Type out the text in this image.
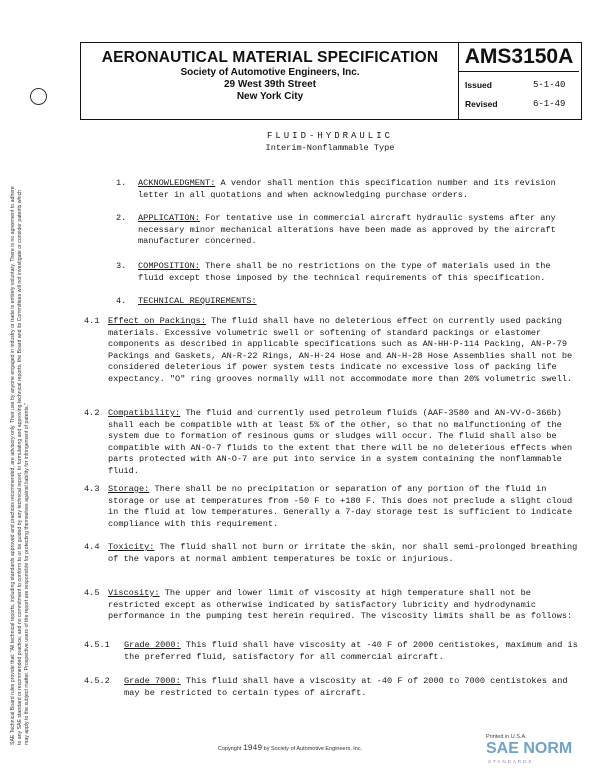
SAE Technical Board rules provide that: "All technical reports, including standards approved and practices recommended, are advisory only. Their use by anyone engaged in industry or trade is entirely voluntary. There is no agreement to adhere to any SAE standard or recommended practice, and no commitment to conform to or be guided by any technical report. In formulating and approving technical reports, the Board and its Committees will not investigate or consider patents which may apply to the subject matter. Prospective users of the report are responsible for protecting themselves against liability for infringement of patents."
AERONAUTICAL MATERIAL SPECIFICATION
Society of Automotive Engineers, Inc.
29 West 39th Street
New York City
AMS3150A
Issued	5-1-40
Revised	6-1-49
FLUID-HYDRAULIC
Interim-Nonflammable Type
1.	ACKNOWLEDGMENT: A vendor shall mention this specification number and its revision letter in all quotations and when acknowledging purchase orders.
2.	APPLICATION: For tentative use in commercial aircraft hydraulic systems after any necessary minor mechanical alterations have been made as approved by the aircraft manufacturer concerned.
3.	COMPOSITION: There shall be no restrictions on the type of materials used in the fluid except those imposed by the technical requirements of this specification.
4.	TECHNICAL REQUIREMENTS:
4.1 Effect on Packings: The fluid shall have no deleterious effect on currently used packing materials. Excessive volumetric swell or softening of standard packings or elastomer components as described in applicable specifications such as AN-HH-P-114 Packing, AN-P-79 Packings and Gaskets, AN-R-22 Rings, AN-H-24 Hose and AN-H-28 Hose Assemblies shall not be considered deleterious if power system tests indicate no excessive loss of packing life expectancy. "O" ring grooves normally will not accommodate more than 20% volumetric swell.
4.2 Compatibility: The fluid and currently used petroleum fluids (AAF-3580 and AN-VV-O-366b) shall each be compatible with at least 5% of the other, so that no malfunctioning of the system due to formation of resinous gums or sludges will occur. The fluid shall also be compatible with AN-O-7 fluids to the extent that there will be no deleterious effects when parts protected with AN-O-7 are put into service in a system containing the nonflammable fluid.
4.3 Storage: There shall be no precipitation or separation of any portion of the fluid in storage or use at temperatures from -50 F to +180 F. This does not preclude a slight cloud in the fluid at low temperatures. Generally a 7-day storage test is sufficient to indicate compliance with this requirement.
4.4 Toxicity: The fluid shall not burn or irritate the skin, nor shall semi-prolonged breathing of the vapors at normal ambient temperatures be toxic or injurious.
4.5 Viscosity: The upper and lower limit of viscosity at high temperature shall not be restricted except as otherwise indicated by satisfactory lubricity and hydrodynamic performance in the pumping test herein required. The viscosity limits shall be as follows:
4.5.1	Grade 2000: This fluid shall have viscosity at -40 F of 2000 centistokes, maximum and is the preferred fluid, satisfactory for all commercial aircraft.
4.5.2	Grade 7000: This fluid shall have a viscosity at -40 F of 2000 to 7000 centistokes and may be restricted to certain types of aircraft.
Copyright 1949 by Society of Automotive Engineers, Inc.
Printed in U.S.A.
SAE NORM
STANDARDS
